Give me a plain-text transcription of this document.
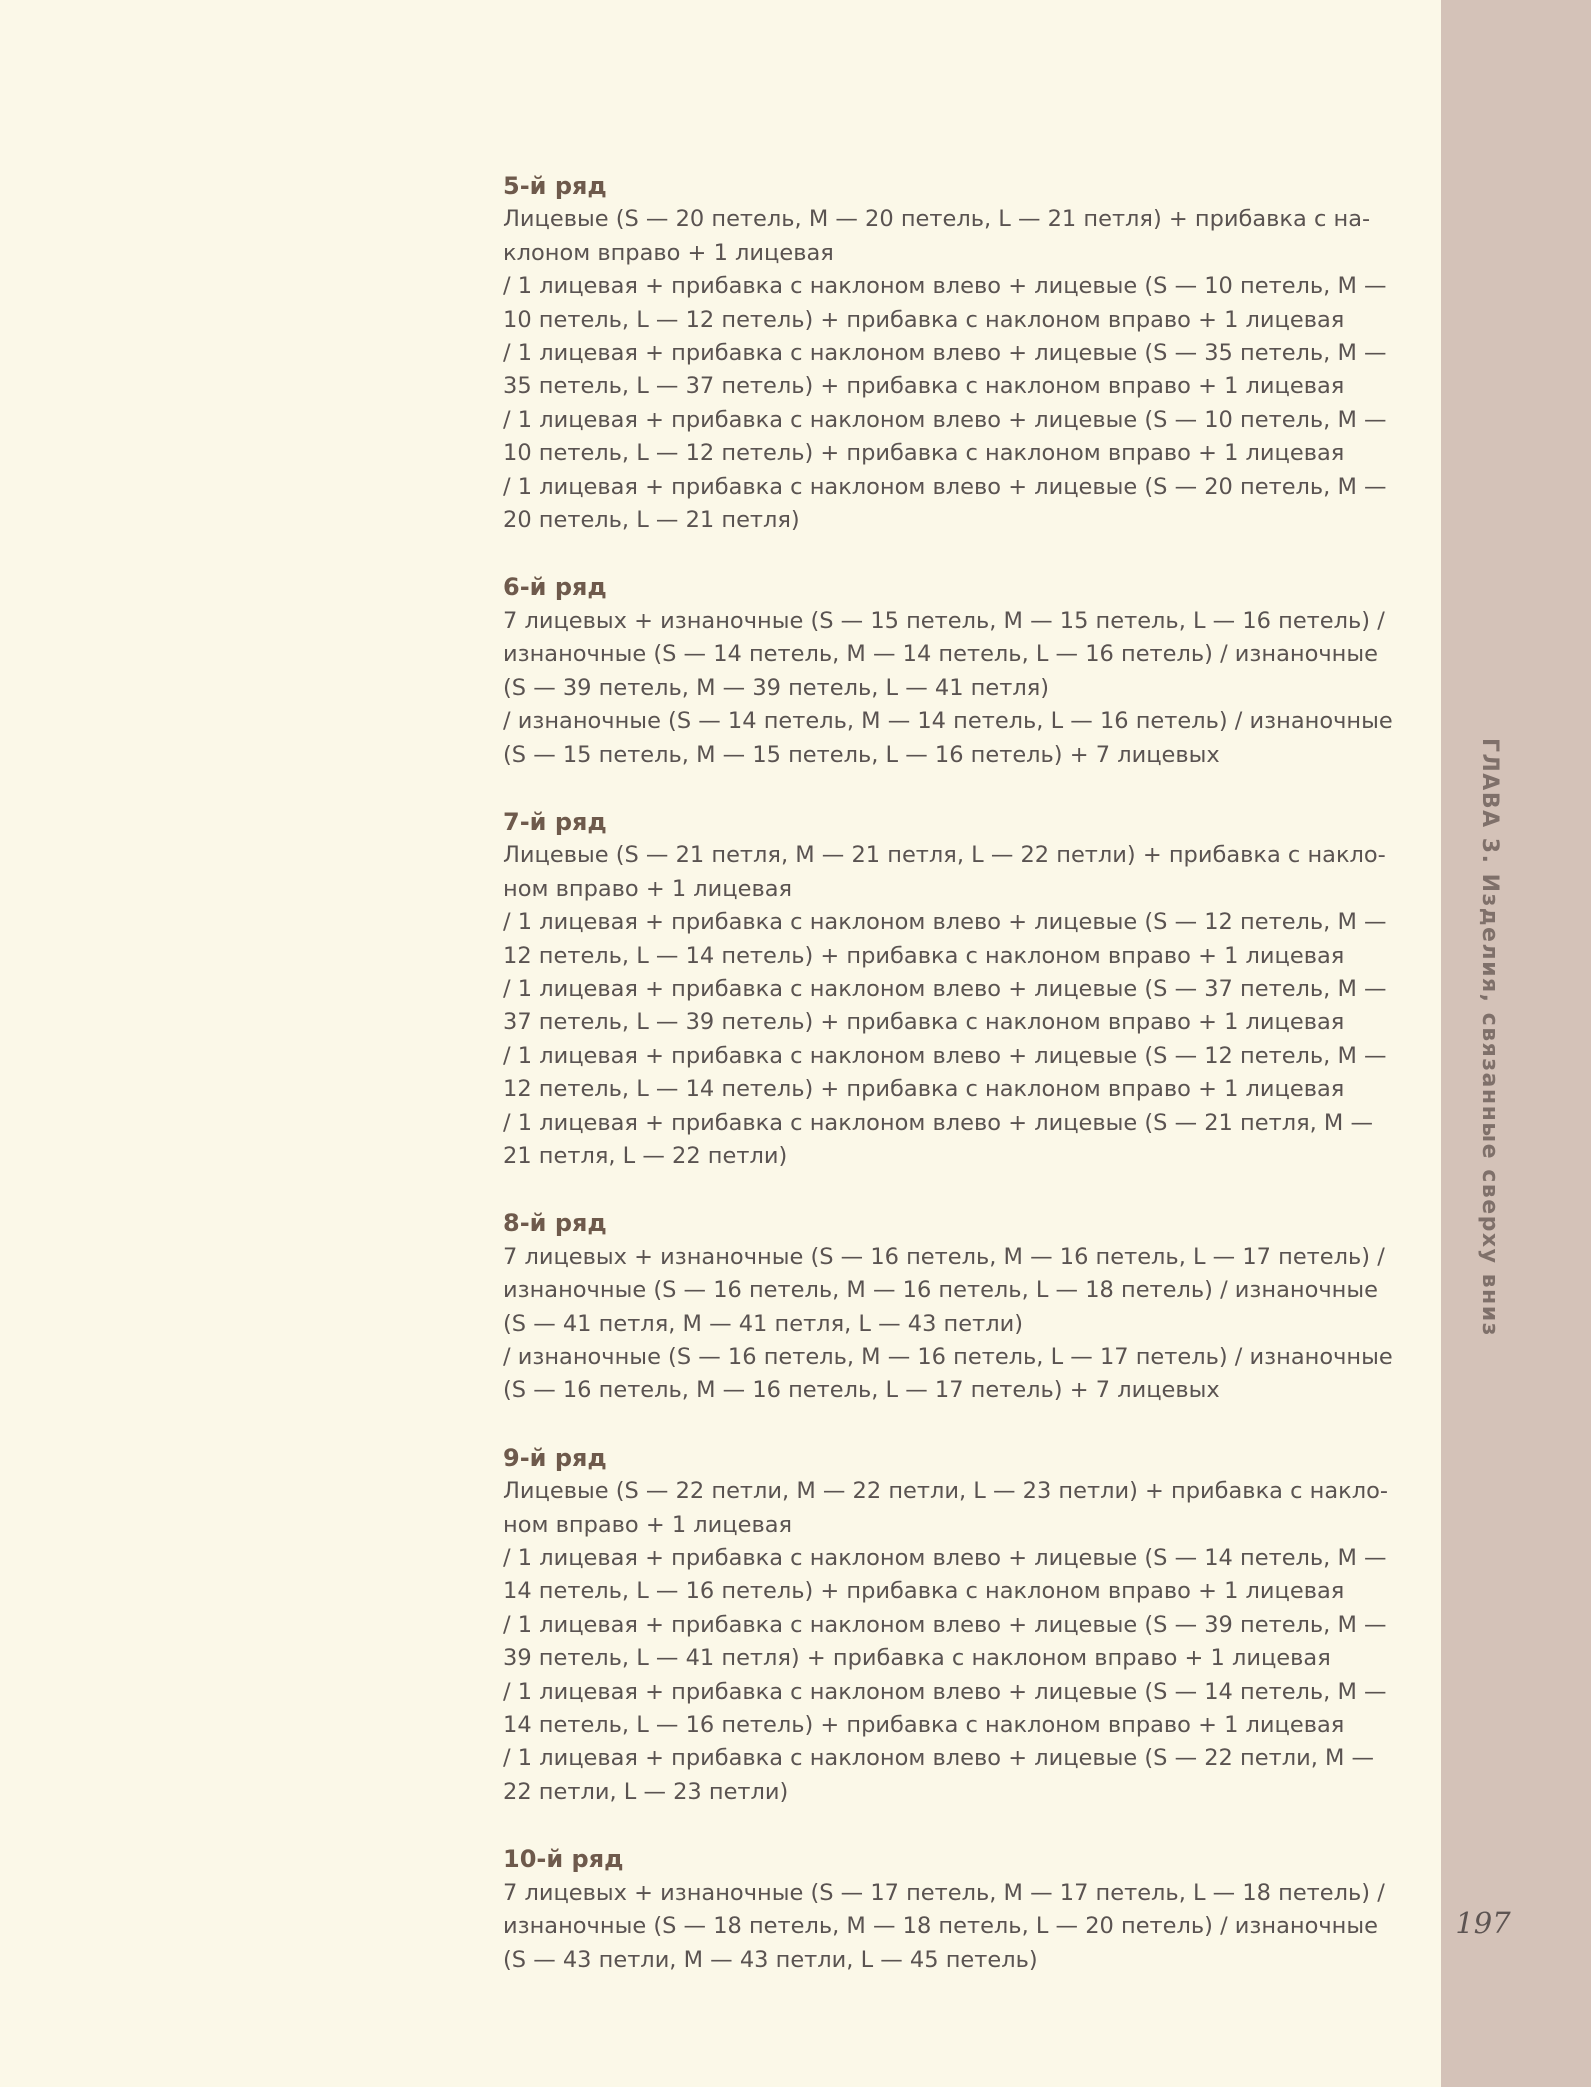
5-й ряд

Лицевые (S — 20 петель, M — 20 петель, L — 21 петля) + прибавка с на-

клоном вправо + 1 лицевая

/ 1 лицевая + прибавка с наклоном влево + лицевые (S — 10 петель, M —

10 петель, L — 12 петель) + прибавка с наклоном вправо + 1 лицевая

/ 1 лицевая + прибавка с наклоном влево + лицевые (S — 35 петель, M —

35 петель, L — 37 петель) + прибавка с наклоном вправо + 1 лицевая

/ 1 лицевая + прибавка с наклоном влево + лицевые (S — 10 петель, M —

10 петель, L — 12 петель) + прибавка с наклоном вправо + 1 лицевая

/ 1 лицевая + прибавка с наклоном влево + лицевые (S — 20 петель, M —

20 петель, L — 21 петля)

6-й ряд

7 лицевых + изнаночные (S — 15 петель, M — 15 петель, L — 16 петель) /

изнаночные (S — 14 петель, M — 14 петель, L — 16 петель) / изнаночные

(S — 39 петель, M — 39 петель, L — 41 петля)

/ изнаночные (S — 14 петель, M — 14 петель, L — 16 петель) / изнаночные

(S — 15 петель, M — 15 петель, L — 16 петель) + 7 лицевых

7-й ряд

Лицевые (S — 21 петля, M — 21 петля, L — 22 петли) + прибавка с накло-

ном вправо + 1 лицевая

/ 1 лицевая + прибавка с наклоном влево + лицевые (S — 12 петель, M —

12 петель, L — 14 петель) + прибавка с наклоном вправо + 1 лицевая

/ 1 лицевая + прибавка с наклоном влево + лицевые (S — 37 петель, M —

37 петель, L — 39 петель) + прибавка с наклоном вправо + 1 лицевая

/ 1 лицевая + прибавка с наклоном влево + лицевые (S — 12 петель, M —

12 петель, L — 14 петель) + прибавка с наклоном вправо + 1 лицевая

/ 1 лицевая + прибавка с наклоном влево + лицевые (S — 21 петля, M —

21 петля, L — 22 петли)

8-й ряд

7 лицевых + изнаночные (S — 16 петель, M — 16 петель, L — 17 петель) /

изнаночные (S — 16 петель, M — 16 петель, L — 18 петель) / изнаночные

(S — 41 петля, M — 41 петля, L — 43 петли)

/ изнаночные (S — 16 петель, M — 16 петель, L — 17 петель) / изнаночные

(S — 16 петель, M — 16 петель, L — 17 петель) + 7 лицевых

9-й ряд

Лицевые (S — 22 петли, M — 22 петли, L — 23 петли) + прибавка с накло-

ном вправо + 1 лицевая

/ 1 лицевая + прибавка с наклоном влево + лицевые (S — 14 петель, M —

14 петель, L — 16 петель) + прибавка с наклоном вправо + 1 лицевая

/ 1 лицевая + прибавка с наклоном влево + лицевые (S — 39 петель, M —

39 петель, L — 41 петля) + прибавка с наклоном вправо + 1 лицевая

/ 1 лицевая + прибавка с наклоном влево + лицевые (S — 14 петель, M —

14 петель, L — 16 петель) + прибавка с наклоном вправо + 1 лицевая

/ 1 лицевая + прибавка с наклоном влево + лицевые (S — 22 петли, M —

22 петли, L — 23 петли)

10-й ряд

7 лицевых + изнаночные (S — 17 петель, M — 17 петель, L — 18 петель) /

изнаночные (S — 18 петель, M — 18 петель, L — 20 петель) / изнаночные

(S — 43 петли, M — 43 петли, L — 45 петель)

ГЛАВА 3. Изделия, связанные сверху вниз
197
